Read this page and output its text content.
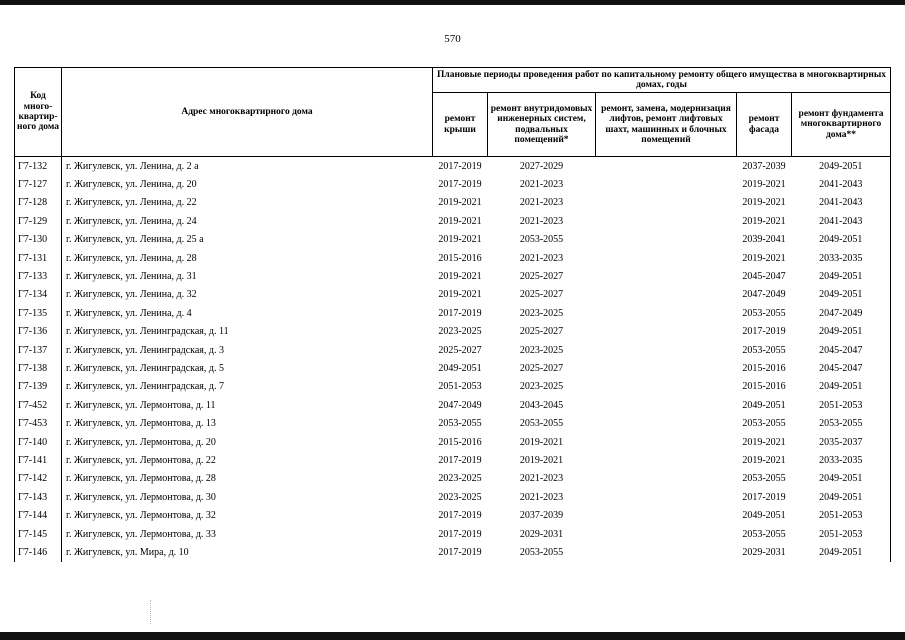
570
Код много-квартир-ного дома	Адрес многоквартирного дома	Плановые периоды проведения работ по капитальному ремонту общего имущества в многоквартирных домах, годы				
		ремонт крыши	ремонт внутридомовых инженерных систем, подвальных помещений*	ремонт, замена, модернизация лифтов, ремонт лифтовых шахт, машинных и блочных помещений	ремонт фасада	ремонт фундамента многоквартирного дома**
Г7-132	г. Жигулевск, ул. Ленина, д. 2 а	2017-2019	2027-2029		2037-2039	2049-2051
Г7-127	г. Жигулевск, ул. Ленина, д. 20	2017-2019	2021-2023		2019-2021	2041-2043
Г7-128	г. Жигулевск, ул. Ленина, д. 22	2019-2021	2021-2023		2019-2021	2041-2043
Г7-129	г. Жигулевск, ул. Ленина, д. 24	2019-2021	2021-2023		2019-2021	2041-2043
Г7-130	г. Жигулевск, ул. Ленина, д. 25 а	2019-2021	2053-2055		2039-2041	2049-2051
Г7-131	г. Жигулевск, ул. Ленина, д. 28	2015-2016	2021-2023		2019-2021	2033-2035
Г7-133	г. Жигулевск, ул. Ленина, д. 31	2019-2021	2025-2027		2045-2047	2049-2051
Г7-134	г. Жигулевск, ул. Ленина, д. 32	2019-2021	2025-2027		2047-2049	2049-2051
Г7-135	г. Жигулевск, ул. Ленина, д. 4	2017-2019	2023-2025		2053-2055	2047-2049
Г7-136	г. Жигулевск, ул. Ленинградская, д. 11	2023-2025	2025-2027		2017-2019	2049-2051
Г7-137	г. Жигулевск, ул. Ленинградская, д. 3	2025-2027	2023-2025		2053-2055	2045-2047
Г7-138	г. Жигулевск, ул. Ленинградская, д. 5	2049-2051	2025-2027		2015-2016	2045-2047
Г7-139	г. Жигулевск, ул. Ленинградская, д. 7	2051-2053	2023-2025		2015-2016	2049-2051
Г7-452	г. Жигулевск, ул. Лермонтова, д. 11	2047-2049	2043-2045		2049-2051	2051-2053
Г7-453	г. Жигулевск, ул. Лермонтова, д. 13	2053-2055	2053-2055		2053-2055	2053-2055
Г7-140	г. Жигулевск, ул. Лермонтова, д. 20	2015-2016	2019-2021		2019-2021	2035-2037
Г7-141	г. Жигулевск, ул. Лермонтова, д. 22	2017-2019	2019-2021		2019-2021	2033-2035
Г7-142	г. Жигулевск, ул. Лермонтова, д. 28	2023-2025	2021-2023		2053-2055	2049-2051
Г7-143	г. Жигулевск, ул. Лермонтова, д. 30	2023-2025	2021-2023		2017-2019	2049-2051
Г7-144	г. Жигулевск, ул. Лермонтова, д. 32	2017-2019	2037-2039		2049-2051	2051-2053
Г7-145	г. Жигулевск, ул. Лермонтова, д. 33	2017-2019	2029-2031		2053-2055	2051-2053
Г7-146	г. Жигулевск, ул. Мира, д. 10	2017-2019	2053-2055		2029-2031	2049-2051
